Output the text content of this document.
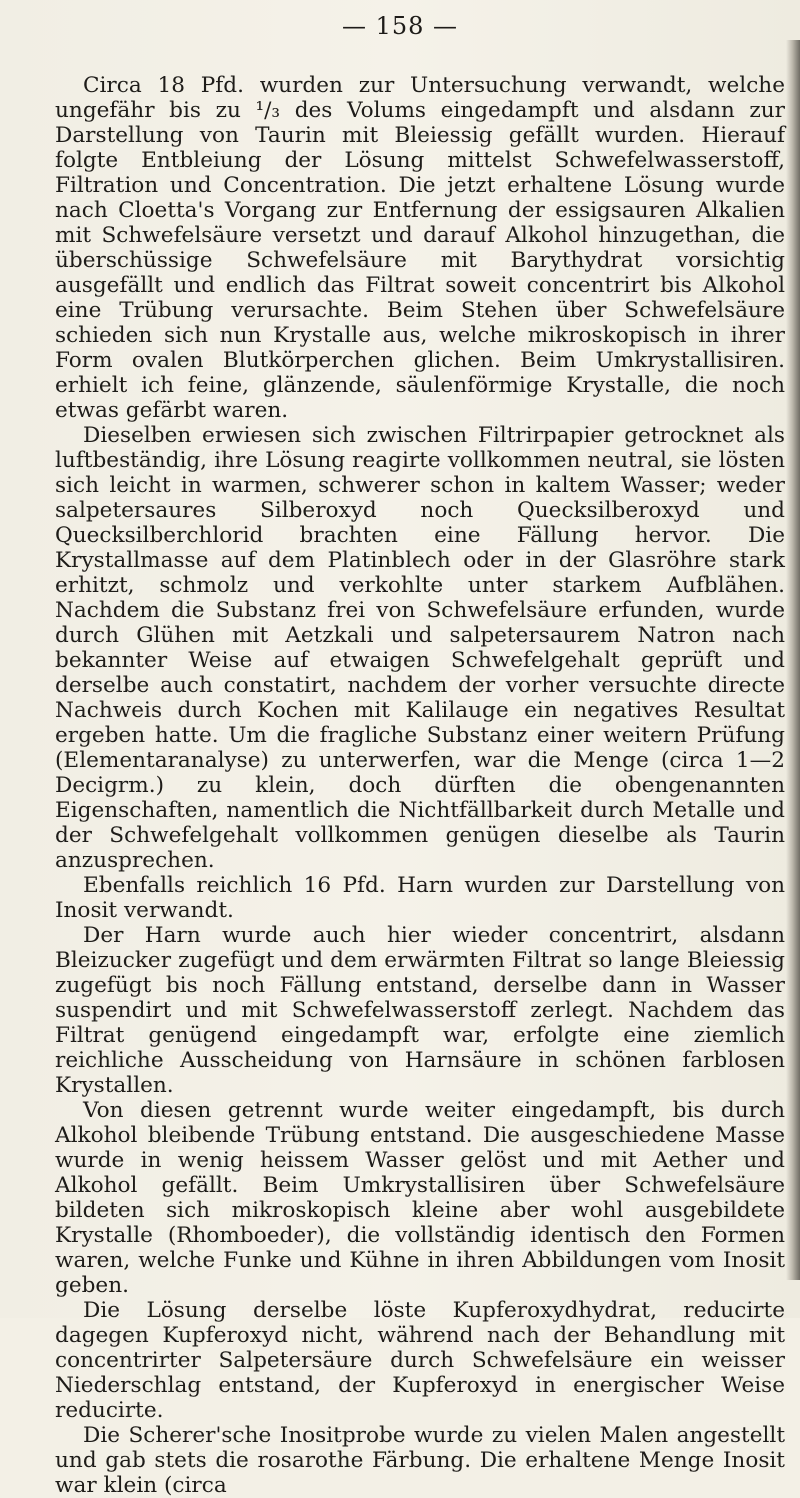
— 158 —

Circa 18 Pfd. wurden zur Untersuchung verwandt, welche ungefähr bis zu ¹/₃ des Volums eingedampft und alsdann zur Darstellung von Taurin mit Bleiessig gefällt wurden. Hierauf folgte Entbleiung der Lösung mittelst Schwefelwasserstoff, Filtration und Concentration. Die jetzt erhaltene Lösung wurde nach Cloetta's Vorgang zur Entfernung der essigsauren Alkalien mit Schwefelsäure versetzt und darauf Alkohol hinzugethan, die überschüssige Schwefelsäure mit Barythydrat vorsichtig ausgefällt und endlich das Filtrat soweit concentrirt bis Alkohol eine Trübung verursachte. Beim Stehen über Schwefelsäure schieden sich nun Krystalle aus, welche mikroskopisch in ihrer Form ovalen Blutkörperchen glichen. Beim Umkrystallisiren. erhielt ich feine, glänzende, säulenförmige Krystalle, die noch etwas gefärbt waren.

Dieselben erwiesen sich zwischen Filtrirpapier getrocknet als luftbeständig, ihre Lösung reagirte vollkommen neutral, sie lösten sich leicht in warmen, schwerer schon in kaltem Wasser; weder salpetersaures Silberoxyd noch Quecksilberoxyd und Quecksilberchlorid brachten eine Fällung hervor. Die Krystallmasse auf dem Platinblech oder in der Glasröhre stark erhitzt, schmolz und verkohlte unter starkem Aufblähen. Nachdem die Substanz frei von Schwefelsäure erfunden, wurde durch Glühen mit Aetzkali und salpetersaurem Natron nach bekannter Weise auf etwaigen Schwefelgehalt geprüft und derselbe auch constatirt, nachdem der vorher versuchte directe Nachweis durch Kochen mit Kalilauge ein negatives Resultat ergeben hatte. Um die fragliche Substanz einer weitern Prüfung (Elementaranalyse) zu unterwerfen, war die Menge (circa 1—2 Decigrm.) zu klein, doch dürften die obengenannten Eigenschaften, namentlich die Nichtfällbarkeit durch Metalle und der Schwefelgehalt vollkommen genügen dieselbe als Taurin anzusprechen.

Ebenfalls reichlich 16 Pfd. Harn wurden zur Darstellung von Inosit verwandt.

Der Harn wurde auch hier wieder concentrirt, alsdann Bleizucker zugefügt und dem erwärmten Filtrat so lange Bleiessig zugefügt bis noch Fällung entstand, derselbe dann in Wasser suspendirt und mit Schwefelwasserstoff zerlegt. Nachdem das Filtrat genügend eingedampft war, erfolgte eine ziemlich reichliche Ausscheidung von Harnsäure in schönen farblosen Krystallen.

Von diesen getrennt wurde weiter eingedampft, bis durch Alkohol bleibende Trübung entstand. Die ausgeschiedene Masse wurde in wenig heissem Wasser gelöst und mit Aether und Alkohol gefällt. Beim Umkrystallisiren über Schwefelsäure bildeten sich mikroskopisch kleine aber wohl ausgebildete Krystalle (Rhomboeder), die vollständig identisch den Formen waren, welche Funke und Kühne in ihren Abbildungen vom Inosit geben.

Die Lösung derselbe löste Kupferoxydhydrat, reducirte dagegen Kupferoxyd nicht, während nach der Behandlung mit concentrirter Salpetersäure durch Schwefelsäure ein weisser Niederschlag entstand, der Kupferoxyd in energischer Weise reducirte.

Die Scherer'sche Inositprobe wurde zu vielen Malen angestellt und gab stets die rosarothe Färbung. Die erhaltene Menge Inosit war klein (circa
